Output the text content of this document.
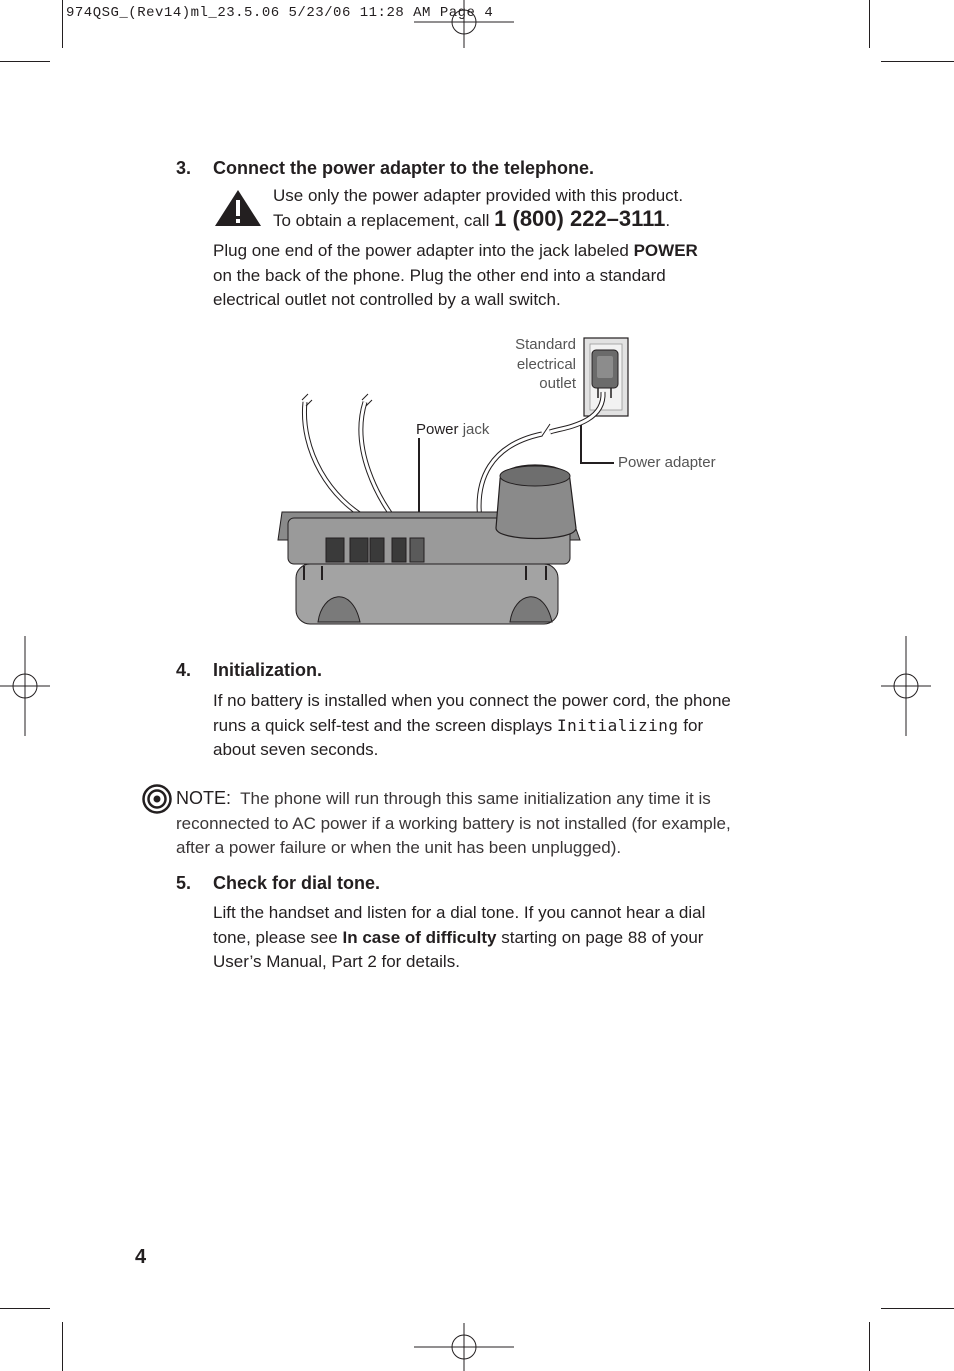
974QSG_(Rev14)ml_23.5.06 5/23/06 11:28 AM Page 4
3. Connect the power adapter to the telephone.
Use only the power adapter provided with this product.
To obtain a replacement, call 1 (800) 222–3111.
Plug one end of the power adapter into the jack labeled POWER
on the back of the phone. Plug the other end into a standard
electrical outlet not controlled by a wall switch.
Standard
electrical
outlet
Power jack
Power adapter
4. Initialization.
If no battery is installed when you connect the power cord, the phone
runs a quick self-test and the screen displays Initializing for
about seven seconds.
NOTE: The phone will run through this same initialization any time it is
reconnected to AC power if a working battery is not installed (for example,
after a power failure or when the unit has been unplugged).
5. Check for dial tone.
Lift the handset and listen for a dial tone. If you cannot hear a dial
tone, please see In case of difficulty starting on page 88 of your
User’s Manual, Part 2 for details.
4
